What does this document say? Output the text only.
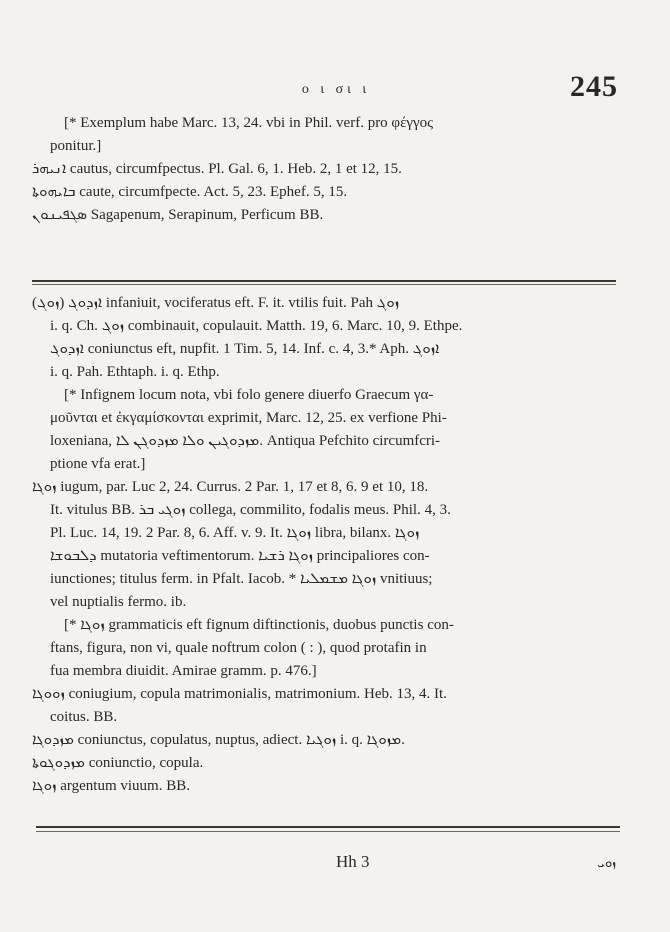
ο ι σι ι	245
[* Exemplum habe Marc. 13, 24. vbi in Phil. verf. pro φέγγος
ponitur.]
ܐܢܝܗܪ cautus, circumfpectus. Pl. Gal. 6, 1. Heb. 2, 1 et 12, 15.
ܒܐܝܗܘܬܐ caute, circumfpecte. Act. 5, 23. Ephef. 5, 15.
ܣܓܦܝܢܘܢ Sagapenum, Serapinum, Perficum BB.
(ܙܘܓ) ܐܙܕܘܓ infaniuit, vociferatus eft. F. it. vtilis fuit. Pah ܙܘܓ
i. q. Ch. ܙܘܓ combinauit, copulauit. Matth. 19, 6. Marc. 10, 9. Ethpe.
ܐܙܕܘܓ coniunctus eft, nupfit. 1 Tim. 5, 14. Inf. c. 4, 3.* Aph. ܐܙܘܓ
i. q. Pah. Ethtaph. i. q. Ethp.
[* Infignem locum nota, vbi folo genere diuerfo Graecum γα-
μοῦνται et ἐκγαμίσκονται exprimit, Marc. 12, 25. ex verfione Phi-
loxeniana, ܡܙܕܘܓܝܢ ܘܠܐ ܡܙܕܘܓܢ ܠܐ. Antiqua Pefchito circumfcri-
ptione vfa erat.]
ܙܘܓܐ iugum, par. Luc 2, 24. Currus. 2 Par. 1, 17 et 8, 6. 9 et 10, 18.
It. vitulus BB. ܙܘܓܝ ܒܪ collega, commilito, fodalis meus. Phil. 4, 3.
Pl. Luc. 14, 19. 2 Par. 8, 6. Aff. v. 9. It. ܙܘܓܐ libra, bilanx. ܙܘܓܐ
ܕܠܒܘܫܐ mutatoria veftimentorum. ܙܘܓܐ ܪܫܝܐ principaliores con-
iunctiones; titulus ferm. in Pfalt. Iacob. * ܙܘܓܐ ܡܫܡܠܝܐ vnitiuus;
vel nuptialis fermo. ib.
[* ܙܘܓܐ grammaticis eft fignum diftinctionis, duobus punctis con-
ftans, figura, non vi, quale noftrum colon ( : ), quod protafin in
fua membra diuidit. Amirae gramm. p. 476.]
ܙܘܘܓܐ coniugium, copula matrimonialis, matrimonium. Heb. 13, 4. It.
coitus. BB.
ܡܙܕܘܓܐ coniunctus, copulatus, nuptus, adiect. ܙܘܓܝܐ i. q. ܡܙܘܓܐ.
ܡܙܕܘܓܘܬܐ coniunctio, copula.
ܙܘܓܐ argentum viuum. BB.
Hh 3	ܙܘܝ
